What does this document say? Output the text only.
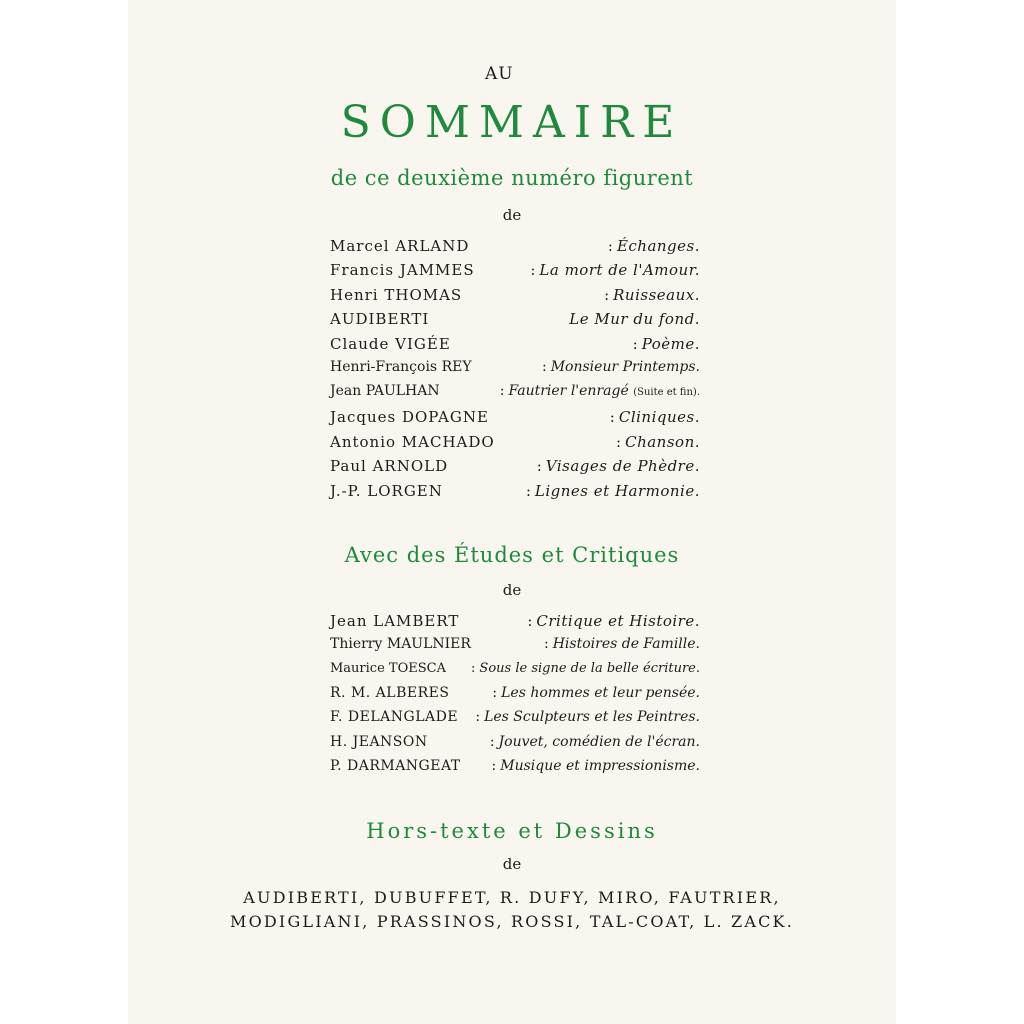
AU
SOMMAIRE
de ce deuxième numéro figurent
de
Marcel ARLAND	: Échanges.
Francis JAMMES	: La mort de l'Amour.
Henri THOMAS	: Ruisseaux.
AUDIBERTI	Le Mur du fond.
Claude VIGÉE	: Poème.
Henri-François REY	: Monsieur Printemps.
Jean PAULHAN	: Fautrier l'enragé (Suite et fin).
Jacques DOPAGNE	: Cliniques.
Antonio MACHADO	: Chanson.
Paul ARNOLD	: Visages de Phèdre.
J.-P. LORGEN	: Lignes et Harmonie.
Avec des Études et Critiques
de
Jean LAMBERT	: Critique et Histoire.
Thierry MAULNIER	: Histoires de Famille.
Maurice TOESCA	: Sous le signe de la belle écriture.
R. M. ALBERES	: Les hommes et leur pensée.
F. DELANGLADE : Les Sculpteurs et les Peintres.
H. JEANSON	: Jouvet, comédien de l'écran.
P. DARMANGEAT : Musique et impressionisme.
Hors-texte et Dessins
de
AUDIBERTI, DUBUFFET, R. DUFY, MIRO, FAUTRIER,
MODIGLIANI, PRASSINOS, ROSSI, TAL-COAT, L. ZACK.
